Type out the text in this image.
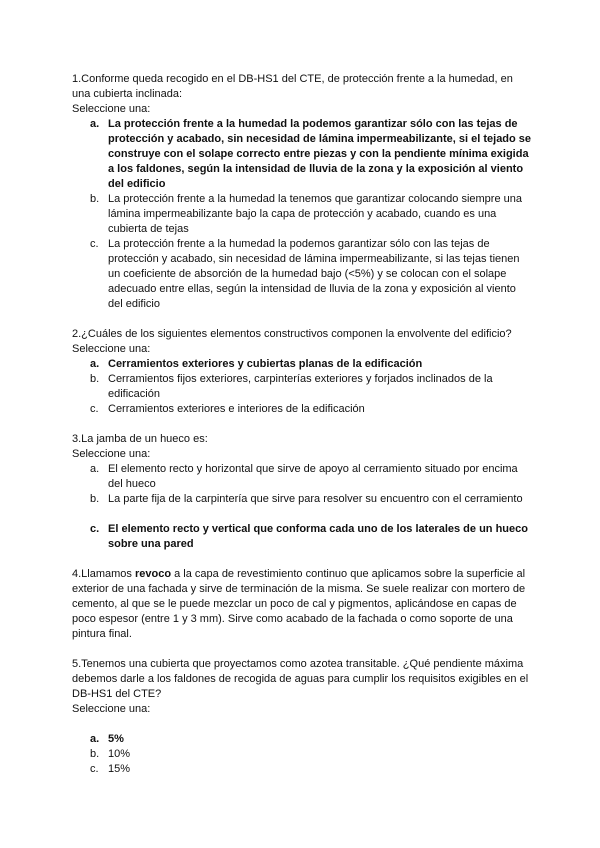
1.Conforme queda recogido en el DB-HS1 del CTE, de protección frente a la humedad, en una cubierta inclinada:

Seleccione una:

a. La protección frente a la humedad la podemos garantizar sólo con las tejas de protección y acabado, sin necesidad de lámina impermeabilizante, si el tejado se construye con el solape correcto entre piezas y con la pendiente mínima exigida a los faldones, según la intensidad de lluvia de la zona y la exposición al viento del edificio
b. La protección frente a la humedad la tenemos que garantizar colocando siempre una lámina impermeabilizante bajo la capa de protección y acabado, cuando es una cubierta de tejas
c. La protección frente a la humedad la podemos garantizar sólo con las tejas de protección y acabado, sin necesidad de lámina impermeabilizante, si las tejas tienen un coeficiente de absorción de la humedad bajo (<5%) y se colocan con el solape adecuado entre ellas, según la intensidad de lluvia de la zona y exposición al viento del edificio

2.¿Cuáles de los siguientes elementos constructivos componen la envolvente del edificio?

Seleccione una:

a. Cerramientos exteriores y cubiertas planas de la edificación
b. Cerramientos fijos exteriores, carpinterías exteriores y forjados inclinados de la edificación
c. Cerramientos exteriores e interiores de la edificación

3.La jamba de un hueco es:

Seleccione una:

a. El elemento recto y horizontal que sirve de apoyo al cerramiento situado por encima del hueco
b. La parte fija de la carpintería que sirve para resolver su encuentro con el cerramiento
c. El elemento recto y vertical que conforma cada uno de los laterales de un hueco sobre una pared

4.Llamamos revoco a la capa de revestimiento continuo que aplicamos sobre la superficie al exterior de una fachada y sirve de terminación de la misma. Se suele realizar con mortero de cemento, al que se le puede mezclar un poco de cal y pigmentos, aplicándose en capas de poco espesor (entre 1 y 3 mm). Sirve como acabado de la fachada o como soporte de una pintura final.

5.Tenemos una cubierta que proyectamos como azotea transitable. ¿Qué pendiente máxima debemos darle a los faldones de recogida de aguas para cumplir los requisitos exigibles en el DB-HS1 del CTE?

Seleccione una:

a. 5%
b. 10%
c. 15%
